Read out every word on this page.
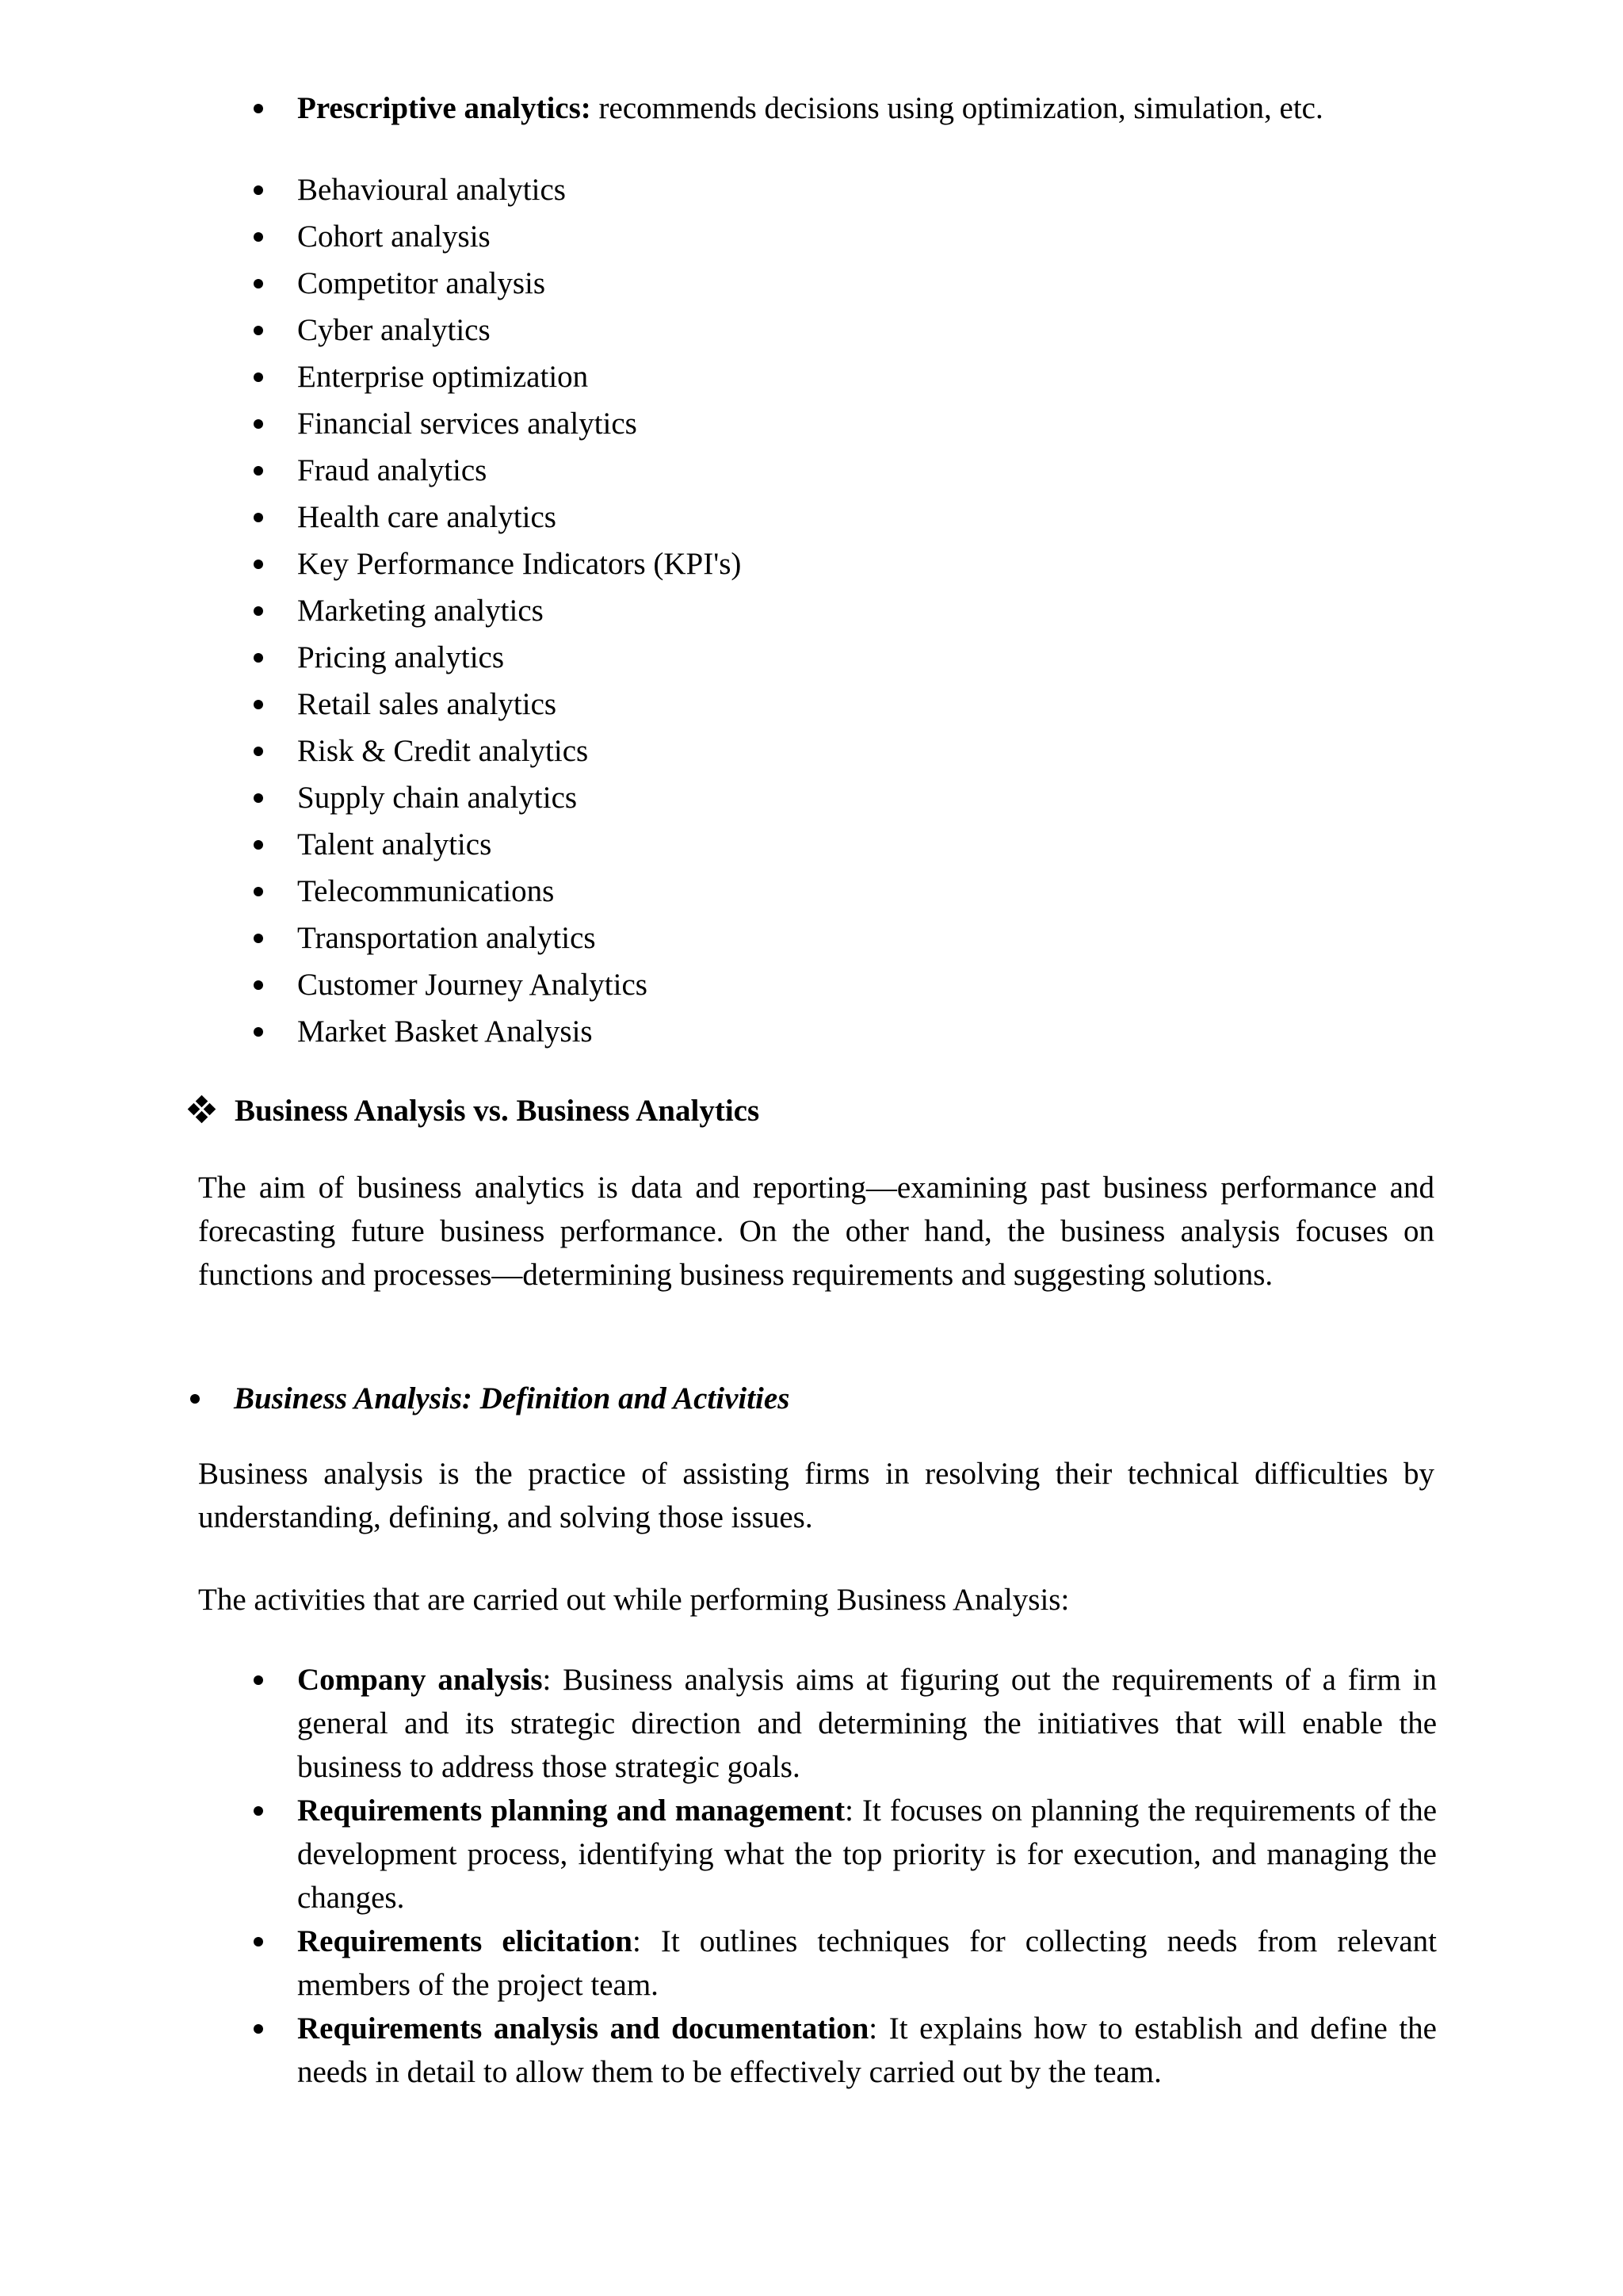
Prescriptive analytics: recommends decisions using optimization, simulation, etc.
Behavioural analytics
Cohort analysis
Competitor analysis
Cyber analytics
Enterprise optimization
Financial services analytics
Fraud analytics
Health care analytics
Key Performance Indicators (KPI's)
Marketing analytics
Pricing analytics
Retail sales analytics
Risk & Credit analytics
Supply chain analytics
Talent analytics
Telecommunications
Transportation analytics
Customer Journey Analytics
Market Basket Analysis
Business Analysis vs. Business Analytics

The aim of business analytics is data and reporting—examining past business performance and forecasting future business performance. On the other hand, the business analysis focuses on functions and processes—determining business requirements and suggesting solutions.

Business Analysis: Definition and Activities

Business analysis is the practice of assisting firms in resolving their technical difficulties by understanding, defining, and solving those issues.

The activities that are carried out while performing Business Analysis:

Company analysis: Business analysis aims at figuring out the requirements of a firm in general and its strategic direction and determining the initiatives that will enable the business to address those strategic goals.
Requirements planning and management: It focuses on planning the requirements of the development process, identifying what the top priority is for execution, and managing the changes.
Requirements elicitation: It outlines techniques for collecting needs from relevant members of the project team.
Requirements analysis and documentation: It explains how to establish and define the needs in detail to allow them to be effectively carried out by the team.
